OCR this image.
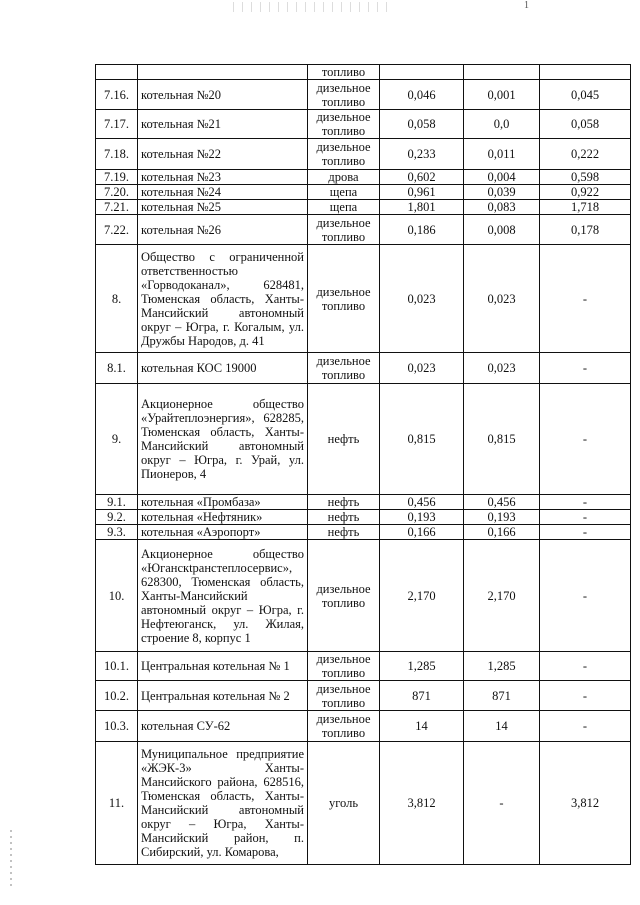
1
		топливо			
7.16.	котельная №20	дизельное топливо	0,046	0,001	0,045
7.17.	котельная №21	дизельное топливо	0,058	0,0	0,058
7.18.	котельная №22	дизельное топливо	0,233	0,011	0,222
7.19.	котельная №23	дрова	0,602	0,004	0,598
7.20.	котельная №24	щепа	0,961	0,039	0,922
7.21.	котельная №25	щепа	1,801	0,083	1,718
7.22.	котельная №26	дизельное топливо	0,186	0,008	0,178
8.	Общество с ограниченной ответственностью «Горводоканал», 628481, Тюменская область, Ханты-Мансийский автономный округ – Югра, г. Когалым, ул. Дружбы Народов, д. 41	дизельное топливо	0,023	0,023	-
8.1.	котельная КОС 19000	дизельное топливо	0,023	0,023	-
9.	Акционерное общество «Урайтеплоэнергия», 628285, Тюменская область, Ханты-Мансийский автономный округ – Югра, г. Урай, ул. Пионеров, 4	нефть	0,815	0,815	-
9.1.	котельная «Промбаза»	нефть	0,456	0,456	-
9.2.	котельная «Нефтяник»	нефть	0,193	0,193	-
9.3.	котельная «Аэропорт»	нефть	0,166	0,166	-
10.	Акционерное общество «Юганскtранстеплосервис», 628300, Тюменская область, Ханты-Мансийский автономный округ – Югра, г. Нефтеюганск, ул. Жилая, строение 8, корпус 1	дизельное топливо	2,170	2,170	-
10.1.	Центральная котельная № 1	дизельное топливо	1,285	1,285	-
10.2.	Центральная котельная № 2	дизельное топливо	871	871	-
10.3.	котельная СУ-62	дизельное топливо	14	14	-
11.	Муниципальное предприятие «ЖЭК-3» Ханты-Мансийского района, 628516, Тюменская область, Ханты-Мансийский автономный округ – Югра, Ханты-Мансийский район, п. Сибирский, ул. Комарова,	уголь	3,812	-	3,812
